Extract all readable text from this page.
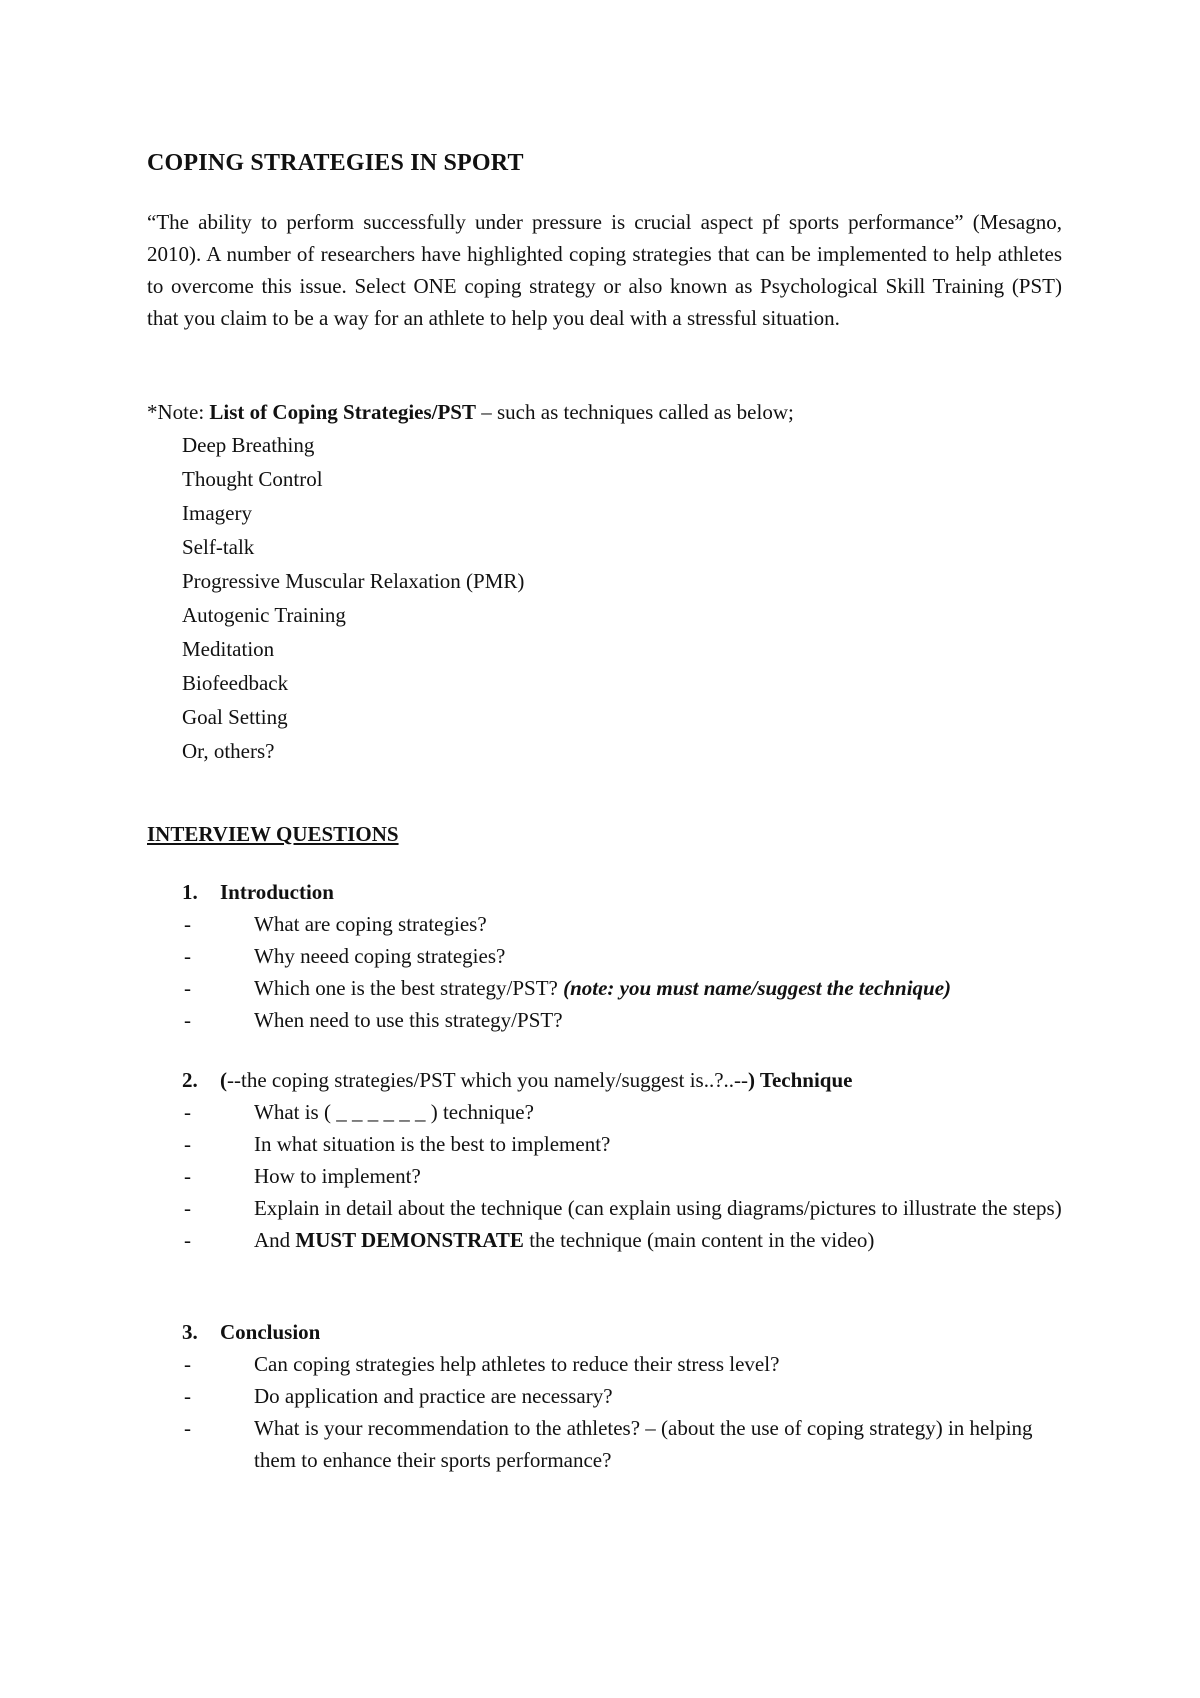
COPING STRATEGIES IN SPORT

“The ability to perform successfully under pressure is crucial aspect pf sports performance” (Mesagno, 2010). A number of researchers have highlighted coping strategies that can be implemented to help athletes to overcome this issue. Select ONE coping strategy or also known as Psychological Skill Training (PST) that you claim to be a way for an athlete to help you deal with a stressful situation.

*Note: List of Coping Strategies/PST – such as techniques called as below;
Deep Breathing
Thought Control
Imagery
Self-talk
Progressive Muscular Relaxation (PMR)
Autogenic Training
Meditation
Biofeedback
Goal Setting
Or, others?
INTERVIEW QUESTIONS
1. Introduction
-	What are coping strategies?
-	Why neeed coping strategies?
-	Which one is the best strategy/PST? (note: you must name/suggest the technique)
-	When need to use this strategy/PST?
2. (--the coping strategies/PST which you namely/suggest is..?..--) Technique
-	What is ( _ _ _ _ _ _ ) technique?
-	In what situation is the best to implement?
-	How to implement?
-	Explain in detail about the technique (can explain using diagrams/pictures to illustrate the steps)
-	And MUST DEMONSTRATE the technique (main content in the video)
3. Conclusion
-	Can coping strategies help athletes to reduce their stress level?
-	Do application and practice are necessary?
-	What is your recommendation to the athletes? – (about the use of coping strategy) in helping them to enhance their sports performance?
